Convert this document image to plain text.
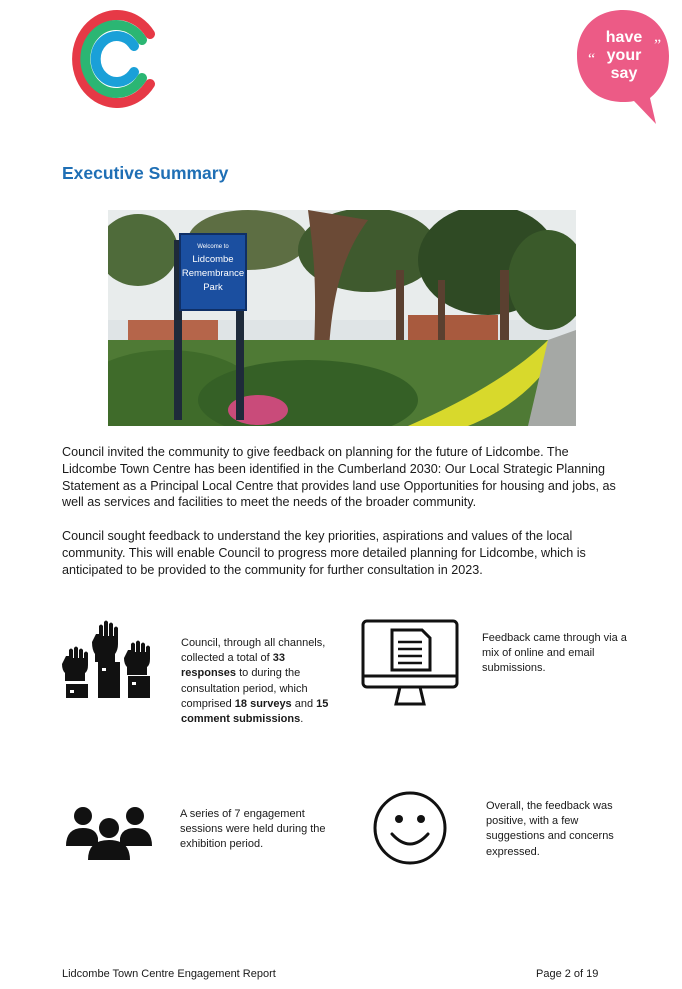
have
your
say
“
”
Executive Summary
Welcome to
Lidcombe
Remembrance
Park

Council invited the community to give feedback on planning for the future of Lidcombe. The Lidcombe Town Centre has been identified in the Cumberland 2030: Our Local Strategic Planning Statement as a Principal Local Centre that provides land use Opportunities for housing and jobs, as well as services and facilities to meet the needs of the broader community.

Council sought feedback to understand the key priorities, aspirations and values of the local community. This will enable Council to progress more detailed planning for Lidcombe, which is anticipated to be provided to the community for further consultation in 2023.

Council, through all channels, collected a total of 33 responses to during the consultation period, which comprised 18 surveys and 15 comment submissions.

Feedback came through via a mix of online and email submissions.

A series of 7 engagement sessions were held during the exhibition period.

Overall, the feedback was positive, with a few suggestions and concerns expressed.

Lidcombe Town Centre Engagement Report	Page 2 of 19
